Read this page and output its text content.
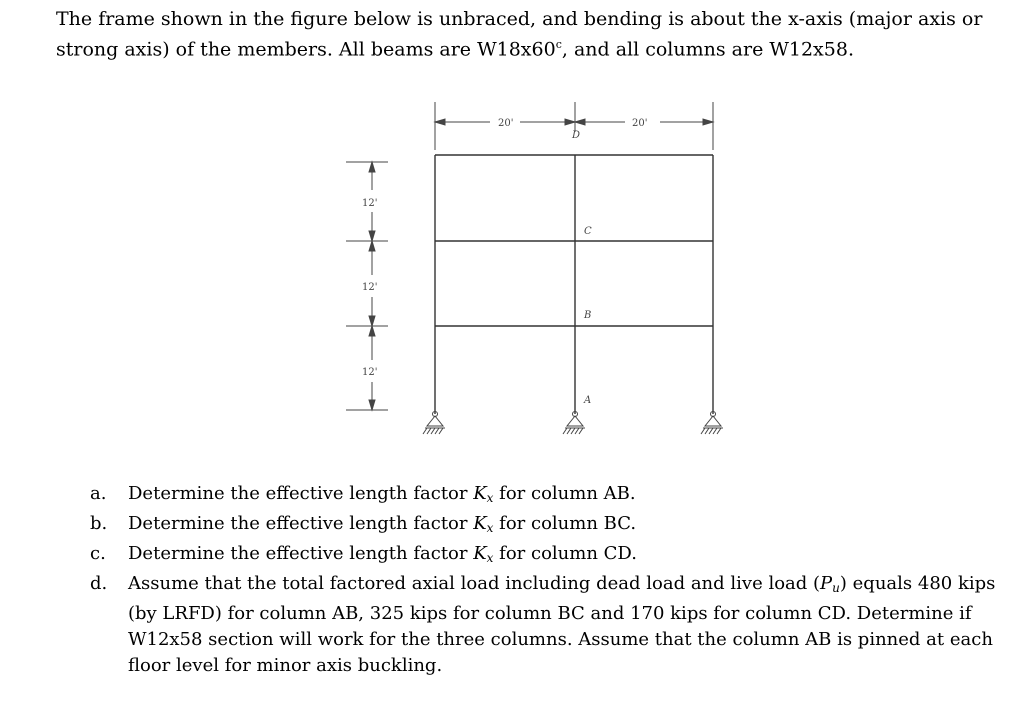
The frame shown in the figure below is unbraced, and bending is about the x-axis (major axis or strong axis) of the members. All beams are W18x60$^c$, and all columns are W12x58.
20'	20'
12'
12'
12'
D
C
B
A
a. Determine the effective length factor $K_x$ for column AB.
b. Determine the effective length factor $K_x$ for column BC.
c. Determine the effective length factor $K_x$ for column CD.
d. Assume that the total factored axial load including dead load and live load $(P_u)$ equals 480 kips (by LRFD) for column AB, 325 kips for column BC and 170 kips for column CD. Determine if W12x58 section will work for the three columns. Assume that the column AB is pinned at each floor level for minor axis buckling.
